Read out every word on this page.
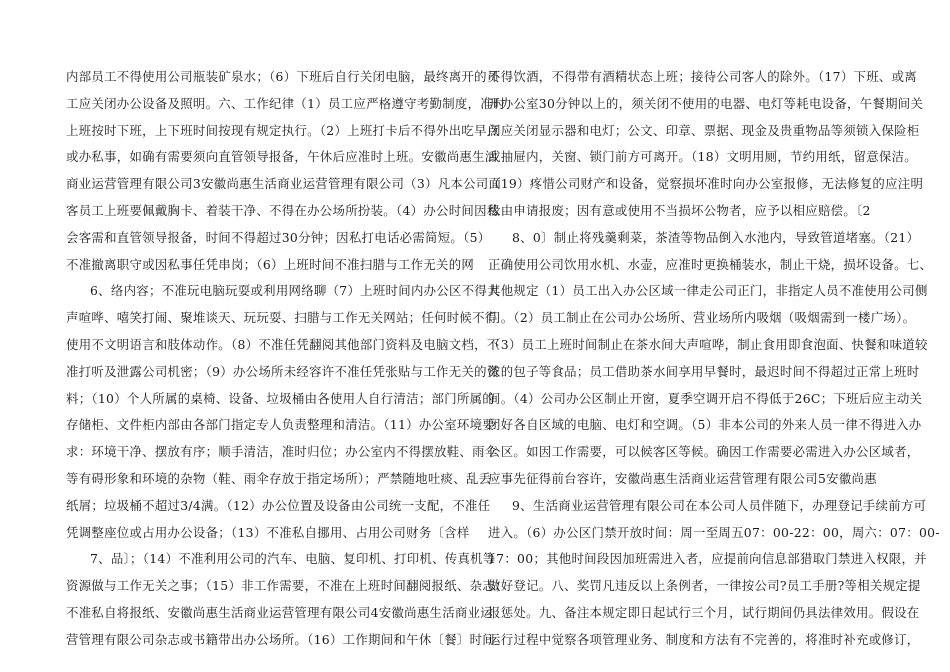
内部员工不得使用公司瓶装矿泉水；（6）下班后自行关闭电脑，最终离开的员
工应关闭办公设备及照明。六、工作纪律（1）员工应严格遵守考勤制度，准时
上班按时下班，上下班时间按现有规定执行。（2）上班打卡后不得外出吃早点
或办私事，如确有需要须向直管领导报备，午休后应准时上班。安徽尚惠生活
商业运营管理有限公司3安徽尚惠生活商业运营管理有限公司（3）凡本公司面
客员工上班要佩戴胸卡、着装干净、不得在办公场所扮装。（4）办公时间因私
会客需和直管领导报备，时间不得超过30分钟；因私打电话必需简短。（5）
不准撤离职守或因私事任凭串岗；（6）上班时间不准扫腊与工作无关的网
6、络内容；不准玩电脑玩耍或利用网络聊（7）上班时间内办公区不得大
声喧哗、嘻笑打闹、聚堆谈天、玩玩耍、扫腊与工作无关网站；任何时候不得
使用不文明语言和肢体动作。（8）不准任凭翻阅其他部门资料及电脑文档，不
准打听及泄露公司机密；（9）办公场所未经容许不准任凭张贴与工作无关的资
料；（10）个人所属的桌椅、设备、垃圾桶由各使用人自行清洁；部门所属的
存储柜、文件柜内部由各部门指定专人负责整理和清洁。（11）办公室环境要
求：环境干净、摆放有序；顺手清洁，准时归位；办公室内不得摆放鞋、雨伞
等有碍形象和环境的杂物（鞋、雨伞存放于指定场所）；严禁随地吐痰、乱丢
纸屑；垃圾桶不超过3/4满。（12）办公位置及设备由公司统一支配，不准任
凭调整座位或占用办公设备；（13）不准私自挪用、占用公司财务〔含样
7、品〕；（14）不准利用公司的汽车、电脑、复印机、打印机、传真机等
资源做与工作无关之事；（15）非工作需要，不准在上班时间翻阅报纸、杂志；
不准私自将报纸、安徽尚惠生活商业运营管理有限公司4安徽尚惠生活商业运
营管理有限公司杂志或书籍带出办公场所。（16）工作期间和午休〔餐〕时间
不得饮酒，不得带有酒精状态上班；接待公司客人的除外。（17）下班、或离
开办公室30分钟以上的，须关闭不使用的电器、电灯等耗电设备，午餐期间关
闭应关闭显示器和电灯；公文、印章、票据、现金及贵重物品等须锁入保险柜
或抽屉内，关窗、锁门前方可离开。（18）文明用厕，节约用纸，留意保洁。
（19）疼惜公司财产和设备，觉察损坏准时向办公室报修，无法修复的应注明
缘由申请报废；因有意或使用不当损坏公物者，应予以相应赔偿。〔2
8、0〕制止将残羹剩菜，茶渣等物品倒入水池内，导致管道堵塞。（21）
正确使用公司饮用水机、水壶，应准时更换桶装水，制止干烧，损坏设备。七、
其他规定（1）员工出入办公区域一律走公司正门，非指定人员不准使用公司侧
门。（2）员工制止在公司办公场所、营业场所内吸烟（吸烟需到一楼广场）。
（3）员工上班时间制止在茶水间大声喧哗，制止食用即食泡面、快餐和味道较
浓的包子等食品；员工借助茶水间享用早餐时，最迟时间不得超过正常上班时
间。（4）公司办公区制止开窗，夏季空调开启不得低于26C；下班后应主动关
闭好各自区域的电脑、电灯和空调。（5）非本公司的外来人员一律不得进入办
公区。如因工作需要，可以候客区等候。确因工作需要必需进入办公区域者，
应事先征得前台容许，安徽尚惠生活商业运营管理有限公司5安徽尚惠
9、生活商业运营管理有限公司在本公司人员伴随下，办理登记手续前方可
进入。（6）办公区门禁开放时间：周一至周五07：00-22：00，周六：07：00-
17：00；其他时间段因加班需进入者，应提前向信息部猎取门禁进入权限，并
做好登记。八、奖罚凡违反以上条例者，一律按公司?员工手册?等相关规定提
报惩处。九、备注本规定即日起试行三个月，试行期间仍具法律效用。假设在
运行过程中觉察各项管理业务、制度和方法有不完善的，将准时补充或修订，
